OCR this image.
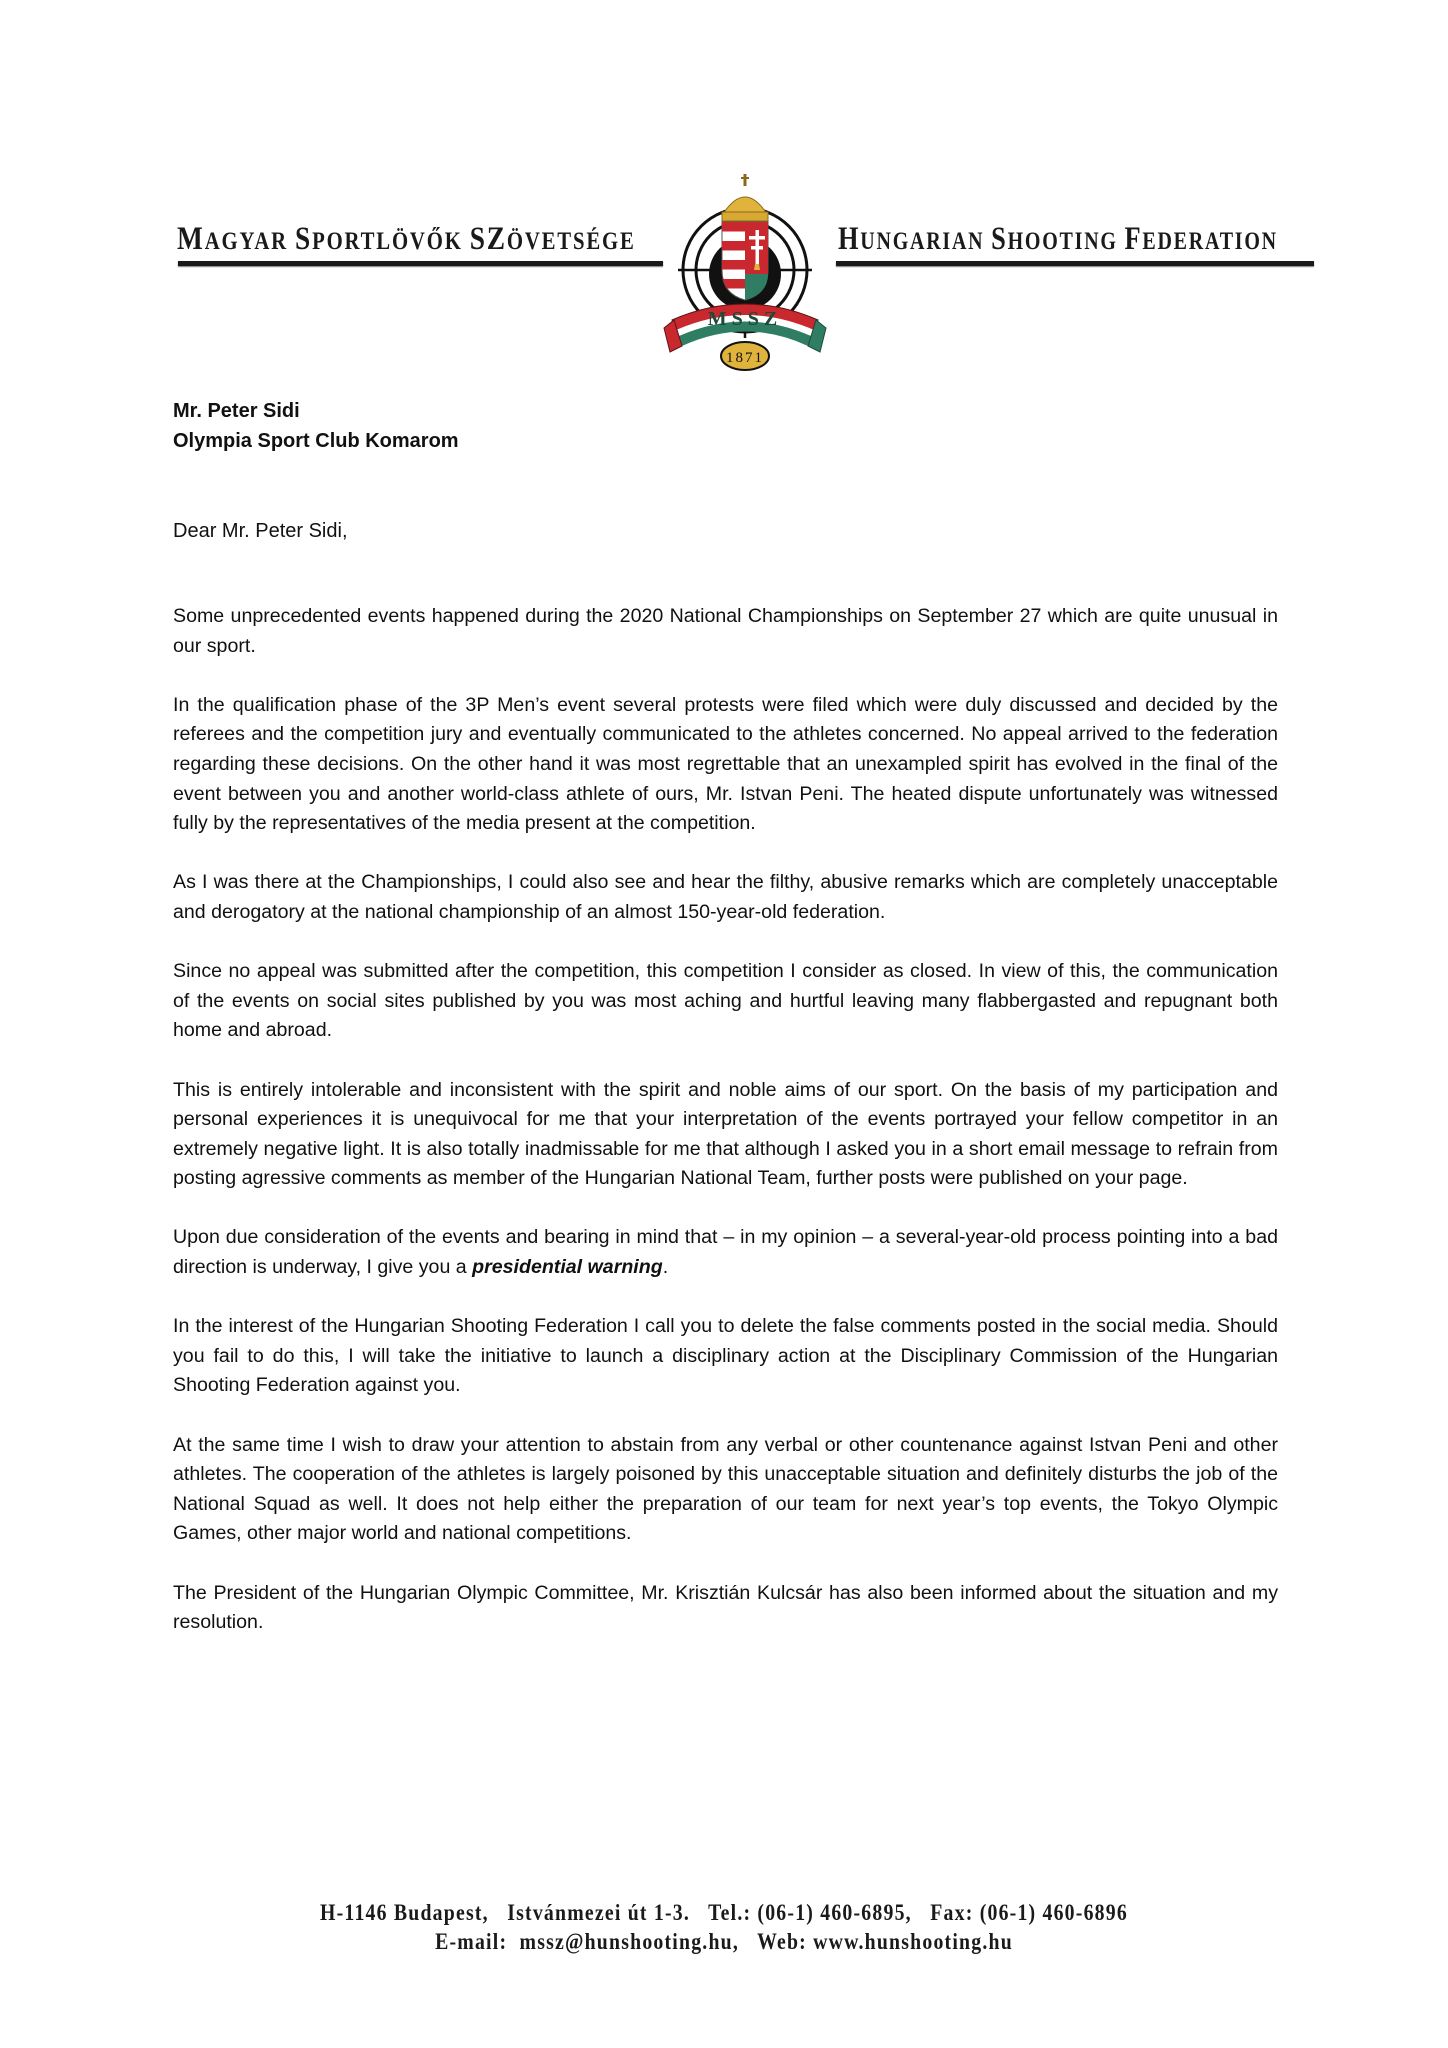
MAGYAR SPORTLÖVŐK SZÖVETSÉGE	HUNGARIAN SHOOTING FEDERATION
MSSZ
1871
Mr. Peter Sidi
Olympia Sport Club Komarom
Dear Mr. Peter Sidi,

Some unprecedented events happened during the 2020 National Championships on September 27 which are quite unusual in our sport.

In the qualification phase of the 3P Men’s event several protests were filed which were duly discussed and decided by the referees and the competition jury and eventually communicated to the athletes concerned. No appeal arrived to the federation regarding these decisions. On the other hand it was most regrettable that an unexampled spirit has evolved in the final of the event between you and another world-class athlete of ours, Mr. Istvan Peni. The heated dispute unfortunately was witnessed fully by the representatives of the media present at the competition.

As I was there at the Championships, I could also see and hear the filthy, abusive remarks which are completely unacceptable and derogatory at the national championship of an almost 150-year-old federation.

Since no appeal was submitted after the competition, this competition I consider as closed. In view of this, the communication of the events on social sites published by you was most aching and hurtful leaving many flabbergasted and repugnant both home and abroad.

This is entirely intolerable and inconsistent with the spirit and noble aims of our sport. On the basis of my participation and personal experiences it is unequivocal for me that your interpretation of the events portrayed your fellow competitor in an extremely negative light. It is also totally inadmissable for me that although I asked you in a short email message to refrain from posting agressive comments as member of the Hungarian National Team, further posts were published on your page.

Upon due consideration of the events and bearing in mind that – in my opinion – a several-year-old process pointing into a bad direction is underway, I give you a presidential warning.

In the interest of the Hungarian Shooting Federation I call you to delete the false comments posted in the social media. Should you fail to do this, I will take the initiative to launch a disciplinary action at the Disciplinary Commission of the Hungarian Shooting Federation against you.

At the same time I wish to draw your attention to abstain from any verbal or other countenance against Istvan Peni and other athletes. The cooperation of the athletes is largely poisoned by this unacceptable situation and definitely disturbs the job of the National Squad as well. It does not help either the preparation of our team for next year’s top events, the Tokyo Olympic Games, other major world and national competitions.

The President of the Hungarian Olympic Committee, Mr. Krisztián Kulcsár has also been informed about the situation and my resolution.

H-1146 Budapest,   Istvánmezei út 1-3.   Tel.: (06-1) 460-6895,   Fax: (06-1) 460-6896
E-mail:  mssz@hunshooting.hu,   Web: www.hunshooting.hu
